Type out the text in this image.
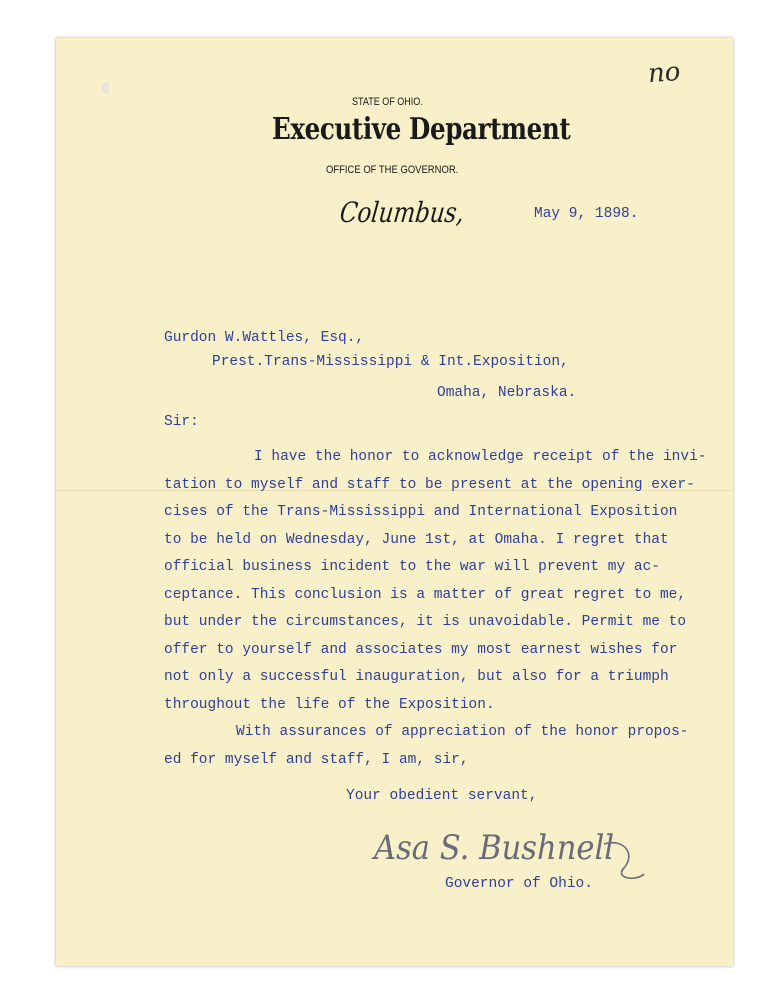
no
STATE OF OHIO.
Executive Department
OFFICE OF THE GOVERNOR.
Columbus,	May 9, 1898.
Gurdon W.Wattles, Esq.,
Prest.Trans-Mississippi & Int.Exposition,
Omaha, Nebraska.
Sir:
I have the honor to acknowledge receipt of the invi-
tation to myself and staff to be present at the opening exer-
cises of the Trans-Mississippi and International Exposition
to be held on Wednesday, June 1st, at Omaha. I regret that
official business incident to the war will prevent my ac-
ceptance. This conclusion is a matter of great regret to me,
but under the circumstances, it is unavoidable. Permit me to
offer to yourself and associates my most earnest wishes for
not only a successful inauguration, but also for a triumph
throughout the life of the Exposition.
With assurances of appreciation of the honor propos-
ed for myself and staff, I am, sir,
Your obedient servant,
Asa S. Bushnell
Governor of Ohio.
